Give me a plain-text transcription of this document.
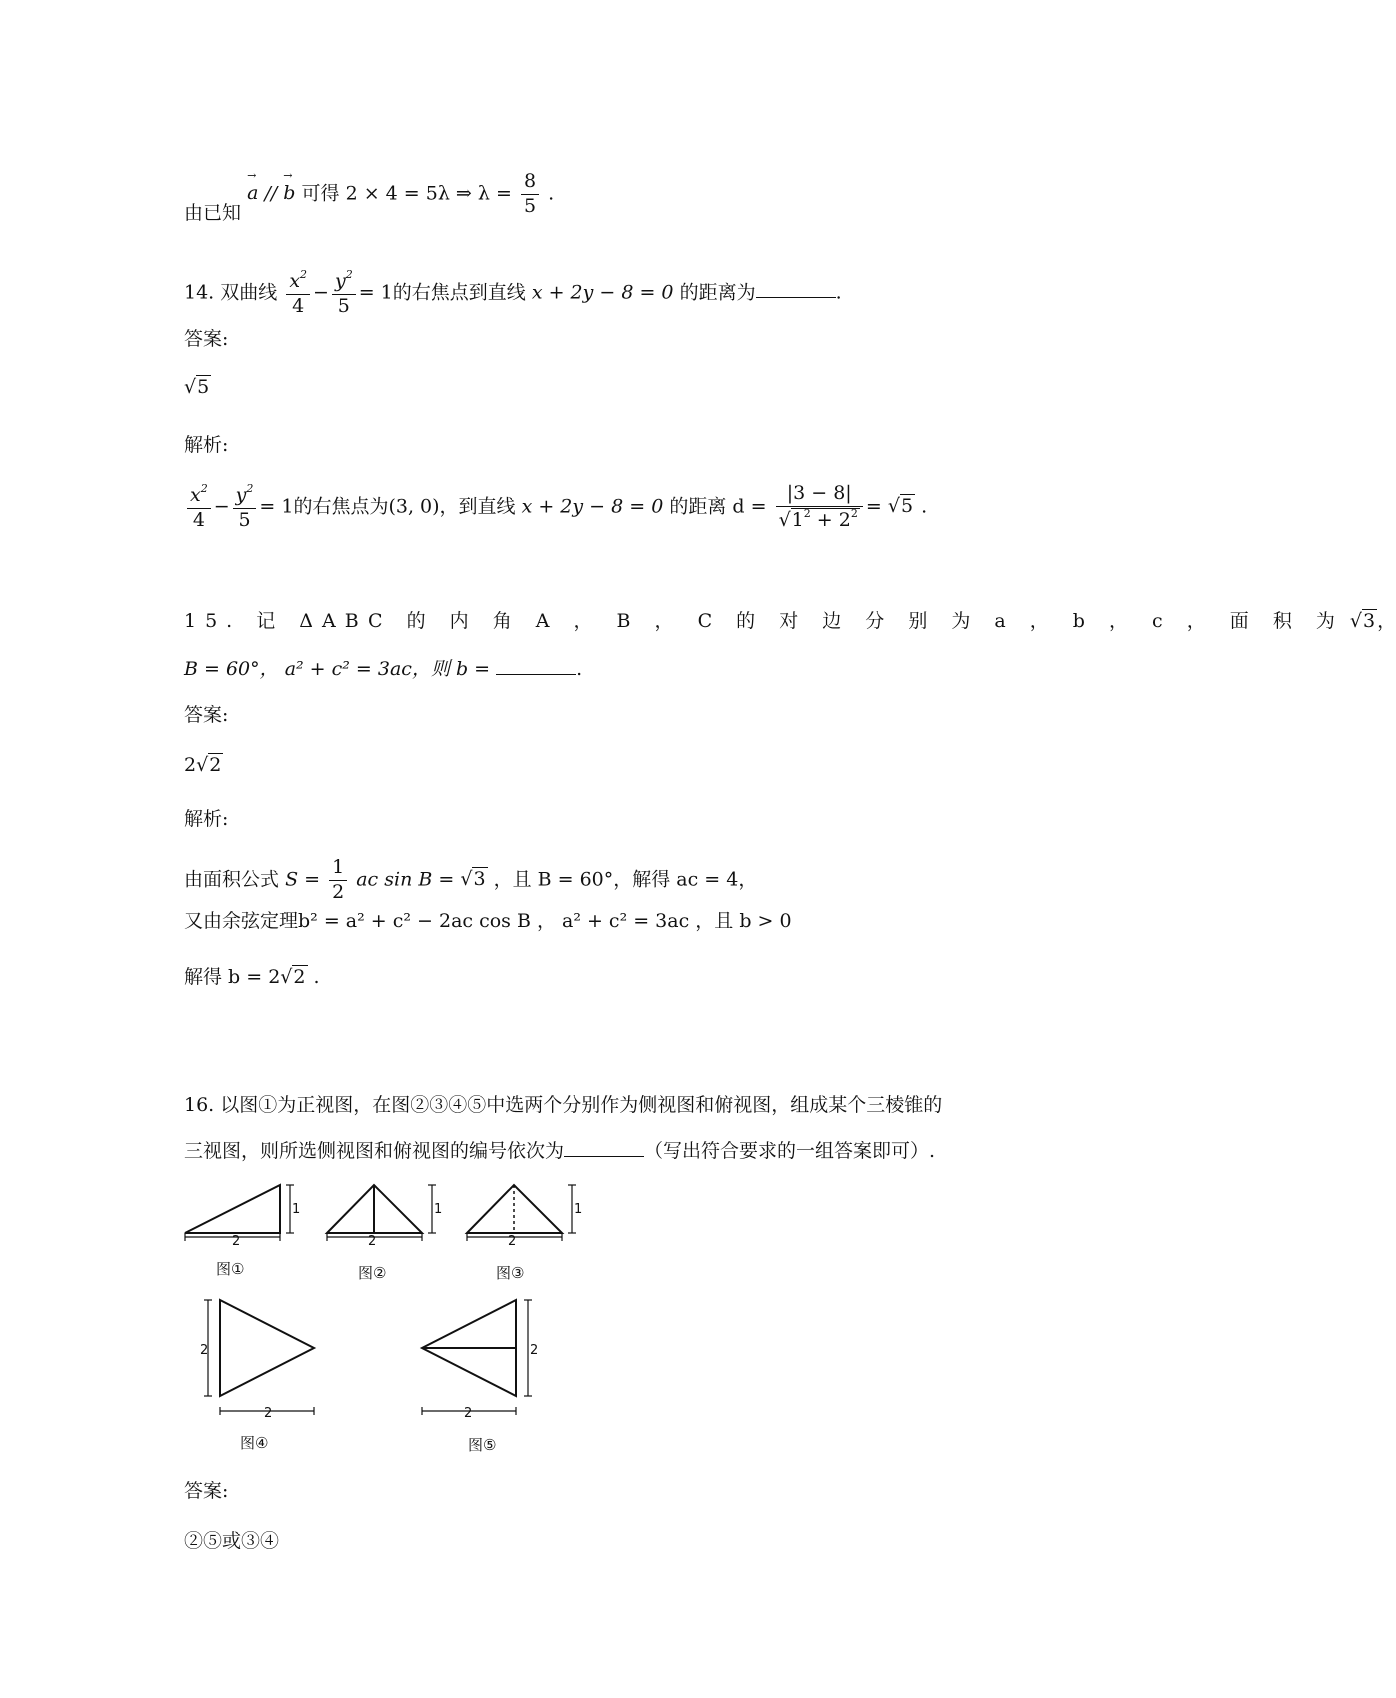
由已知 → a // → b 可得 2 × 4 = 5λ ⇒ $\lambda = \frac{8}{5}$ .
14. 双曲线 $\frac{x^2}{4} - \frac{y^2}{5} = 1$的右焦点到直线 x + 2y − 8 = 0 的距离为	.
答案:
√5
解析:
$\frac{x^2}{4} - \frac{y^2}{5} = 1$的右焦点为(3, 0)，到直线 x + 2y − 8 = 0 的距离 $d = \frac{|3 - 8|}{√1^2 + 2^2} = √5$ .
15. 记 ΔABC 的 内 角 A ， B ， C 的 对 边 分 别 为 a ， b ， c ， 面 积 为 √3 ，
B = 60°， a² + c² = 3ac，则 b =	.
答案:
2√2
解析:
由面积公式 $S = \frac{1}{2}$ ac sin B = √3 ，且 B = 60°，解得 ac = 4，
又由余弦定理b² = a² + c² − 2ac cos B ， a² + c² = 3ac ，且 b > 0
解得 b = 2√2 .
16. 以图①为正视图，在图②③④⑤中选两个分别作为侧视图和俯视图，组成某个三棱锥的
三视图，则所选侧视图和俯视图的编号依次为	（写出符合要求的一组答案即可）.
2
1
图①
2
1
图②
2
1
图③
2
2
图④
2
2
图⑤
答案:
②⑤或③④
